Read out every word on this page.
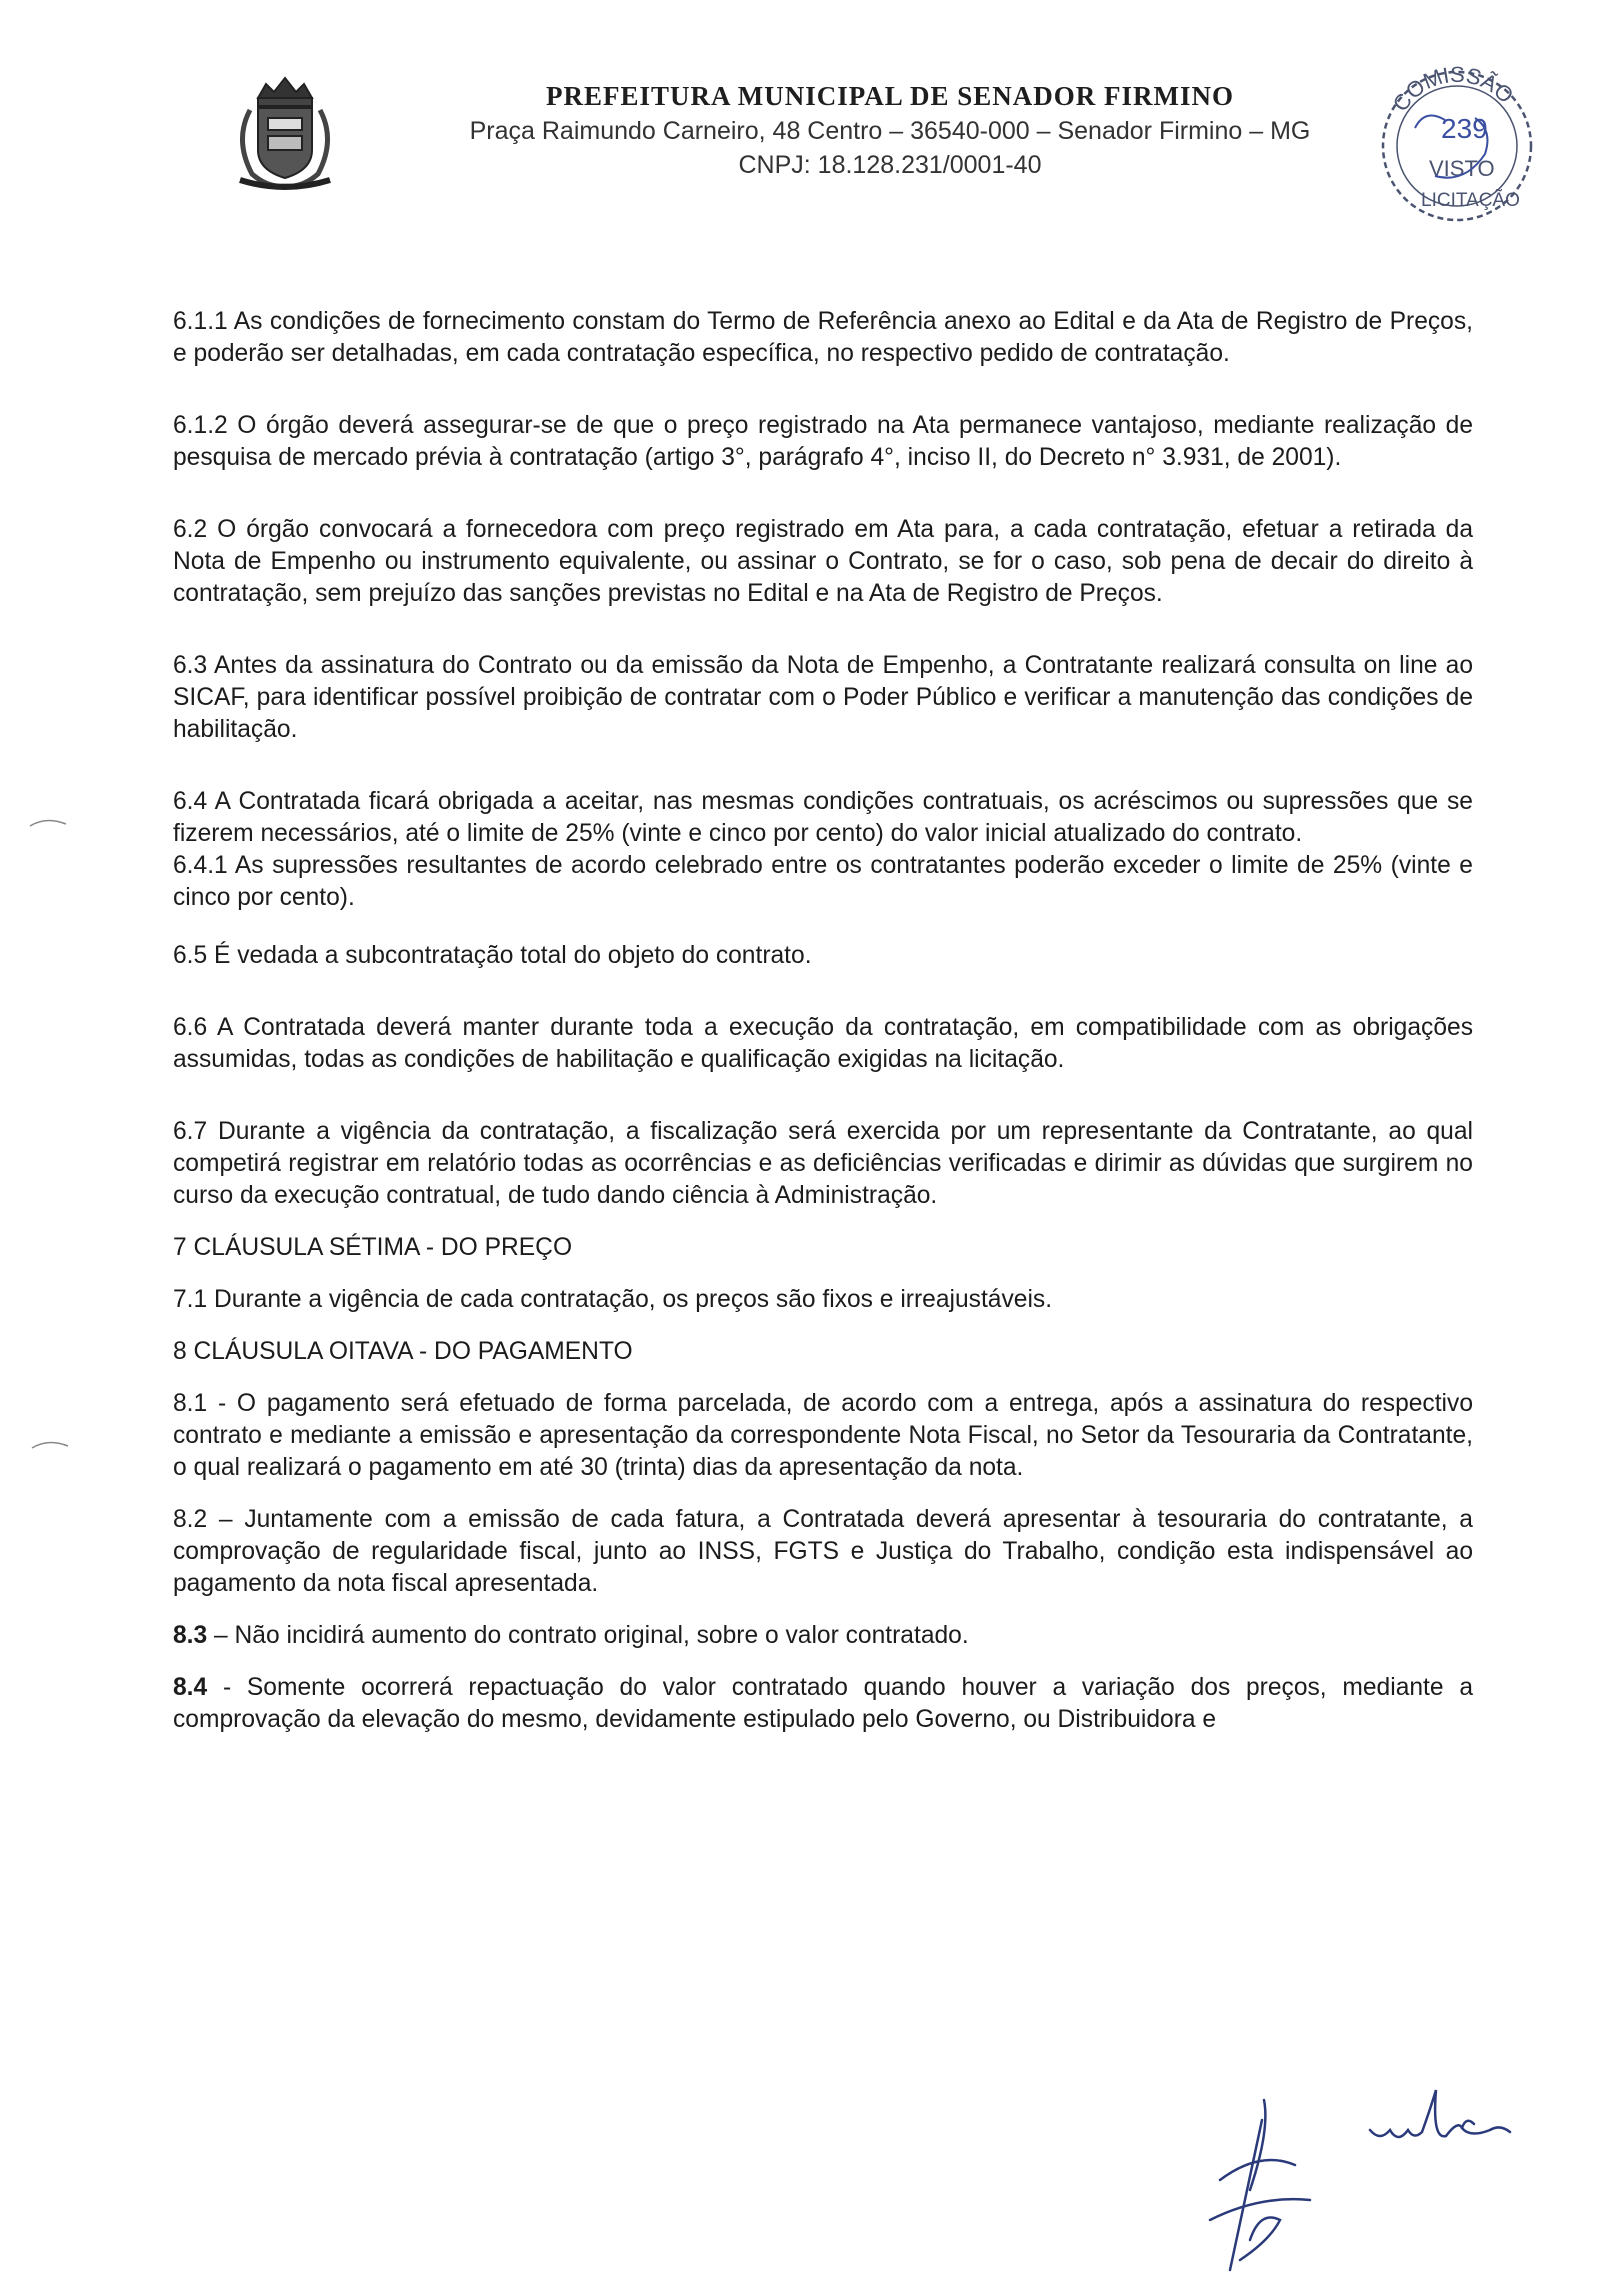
PREFEITURA MUNICIPAL DE SENADOR FIRMINO
Praça Raimundo Carneiro, 48 Centro – 36540-000 – Senador Firmino – MG
CNPJ: 18.128.231/0001-40
COMISSÃO
239
VISTO
LICITAÇÃO

6.1.1 As condições de fornecimento constam do Termo de Referência anexo ao Edital e da Ata de Registro de Preços, e poderão ser detalhadas, em cada contratação específica, no respectivo pedido de contratação.

6.1.2 O órgão deverá assegurar-se de que o preço registrado na Ata permanece vantajoso, mediante realização de pesquisa de mercado prévia à contratação (artigo 3°, parágrafo 4°, inciso II, do Decreto n° 3.931, de 2001).

6.2 O órgão convocará a fornecedora com preço registrado em Ata para, a cada contratação, efetuar a retirada da Nota de Empenho ou instrumento equivalente, ou assinar o Contrato, se for o caso, sob pena de decair do direito à contratação, sem prejuízo das sanções previstas no Edital e na Ata de Registro de Preços.

6.3 Antes da assinatura do Contrato ou da emissão da Nota de Empenho, a Contratante realizará consulta on line ao SICAF, para identificar possível proibição de contratar com o Poder Público e verificar a manutenção das condições de habilitação.

6.4 A Contratada ficará obrigada a aceitar, nas mesmas condições contratuais, os acréscimos ou supressões que se fizerem necessários, até o limite de 25% (vinte e cinco por cento) do valor inicial atualizado do contrato.

6.4.1 As supressões resultantes de acordo celebrado entre os contratantes poderão exceder o limite de 25% (vinte e cinco por cento).

6.5 É vedada a subcontratação total do objeto do contrato.

6.6 A Contratada deverá manter durante toda a execução da contratação, em compatibilidade com as obrigações assumidas, todas as condições de habilitação e qualificação exigidas na licitação.

6.7 Durante a vigência da contratação, a fiscalização será exercida por um representante da Contratante, ao qual competirá registrar em relatório todas as ocorrências e as deficiências verificadas e dirimir as dúvidas que surgirem no curso da execução contratual, de tudo dando ciência à Administração.

7 CLÁUSULA SÉTIMA - DO PREÇO

7.1 Durante a vigência de cada contratação, os preços são fixos e irreajustáveis.

8 CLÁUSULA OITAVA - DO PAGAMENTO

8.1 - O pagamento será efetuado de forma parcelada, de acordo com a entrega, após a assinatura do respectivo contrato e mediante a emissão e apresentação da correspondente Nota Fiscal, no Setor da Tesouraria da Contratante, o qual realizará o pagamento em até 30 (trinta) dias da apresentação da nota.

8.2 – Juntamente com a emissão de cada fatura, a Contratada deverá apresentar à tesouraria do contratante, a comprovação de regularidade fiscal, junto ao INSS, FGTS e Justiça do Trabalho, condição esta indispensável ao pagamento da nota fiscal apresentada.

8.3 – Não incidirá aumento do contrato original, sobre o valor contratado.

8.4 - Somente ocorrerá repactuação do valor contratado quando houver a variação dos preços, mediante a comprovação da elevação do mesmo, devidamente estipulado pelo Governo, ou Distribuidora e
